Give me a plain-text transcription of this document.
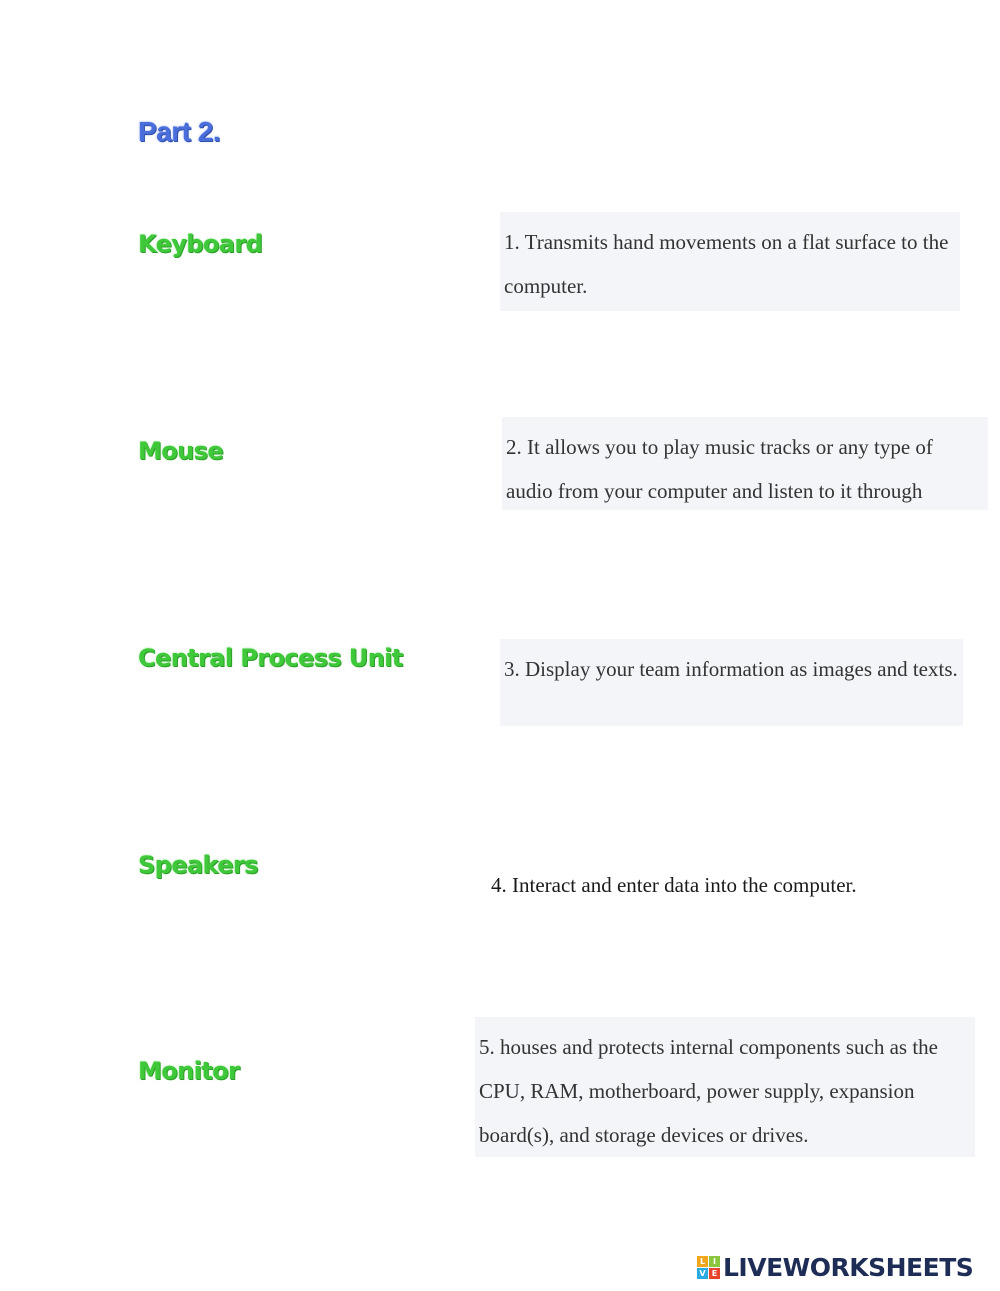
Part 2.
Keyboard
Mouse
Central Process Unit
Speakers
Monitor
1. Transmits hand movements on a flat surface to the computer.
2. It allows you to play music tracks or any type of audio from your computer and listen to it through
3. Display your team information as images and texts.
4. Interact and enter data into the computer.
5. houses and protects internal components such as the CPU, RAM, motherboard, power supply, expansion board(s), and storage devices or drives.
L I
V E LIVEWORKSHEETS
